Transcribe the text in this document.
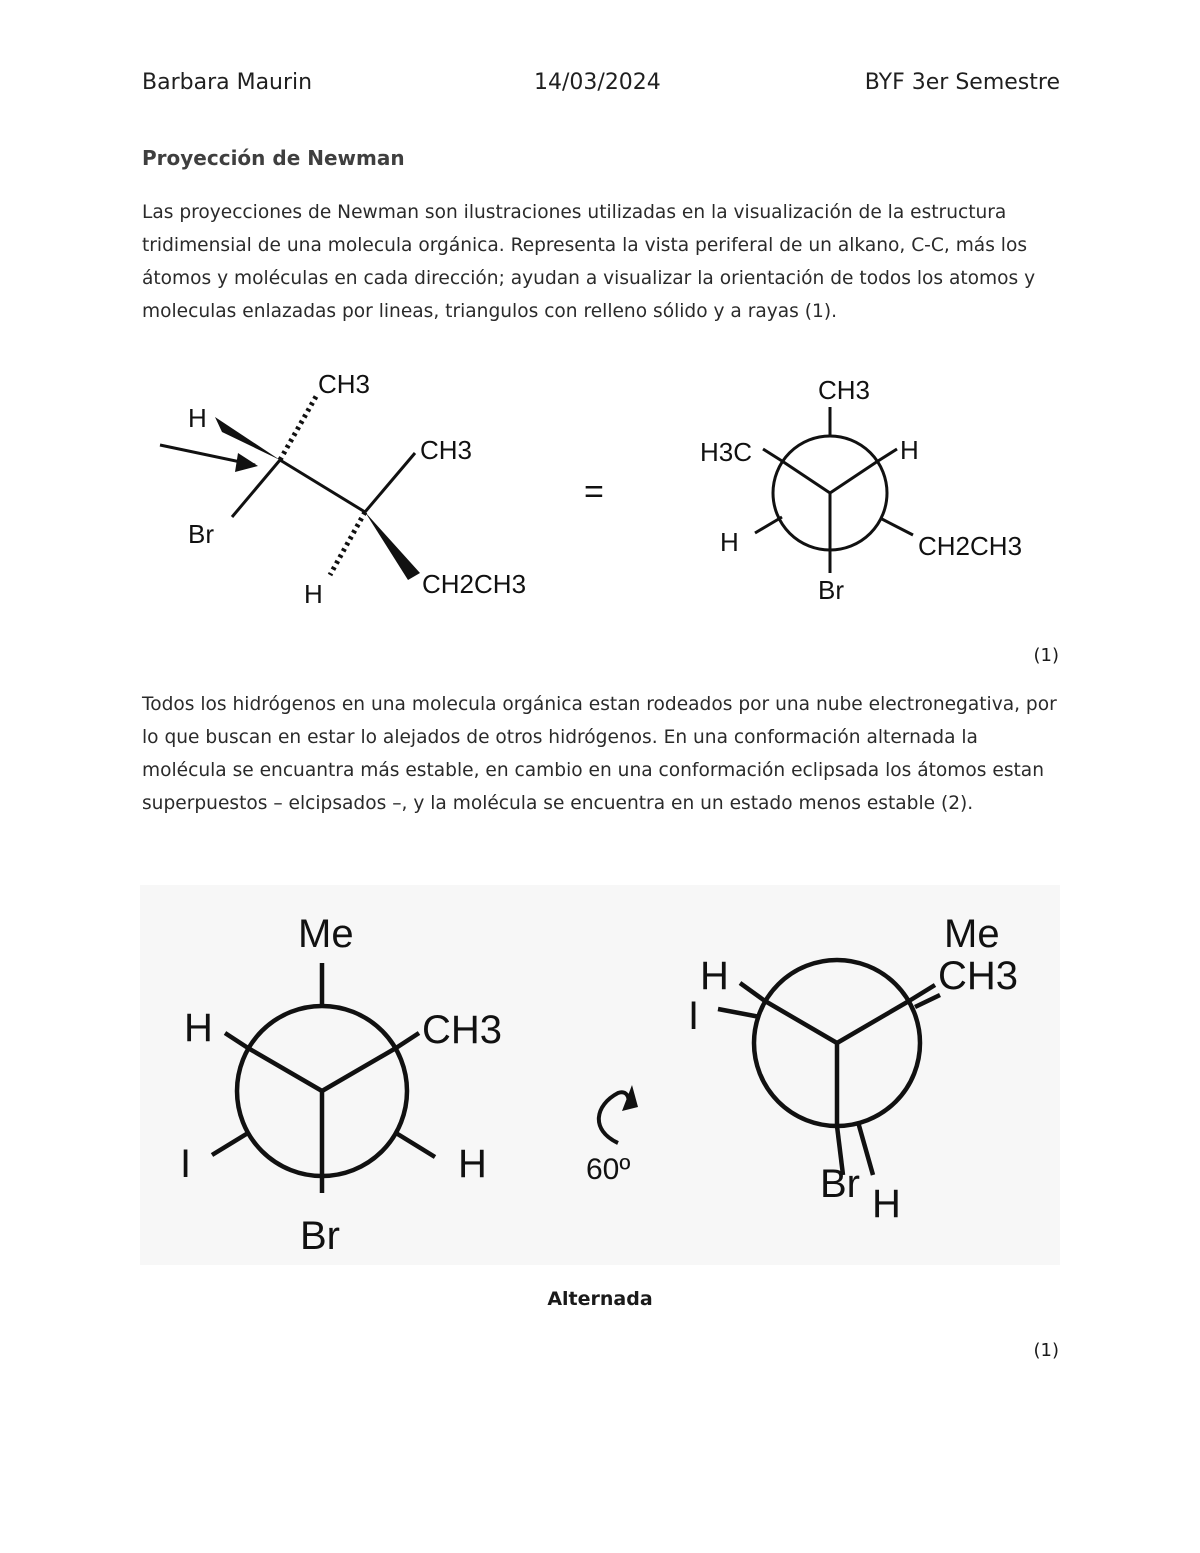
Barbara Maurin	14/03/2024	BYF 3er Semestre
Proyección de Newman

Las proyecciones de Newman son ilustraciones utilizadas en la visualización de la estructura tridimensial de una molecula orgánica. Representa la vista periferal de un alkano, C-C, más los átomos y moléculas en cada dirección; ayudan a visualizar la orientación de todos los atomos y moleculas enlazadas por lineas, triangulos con relleno sólido y a rayas (1).

H
Br
CH3
CH3
H	CH2CH3
=
CH3
H3C	H
H	CH2CH3
Br
(1)

Todos los hidrógenos en una molecula orgánica estan rodeados por una nube electronegativa, por lo que buscan en estar lo alejados de otros hidrógenos. En una conformación alternada la molécula se encuantra más estable, en cambio en una conformación eclipsada los átomos estan superpuestos – elcipsados –, y la molécula se encuentra en un estado menos estable (2).

Me
H	CH3
I	H
Br
60º
Me
CH3
H
I
Br H
Alternada
(1)
